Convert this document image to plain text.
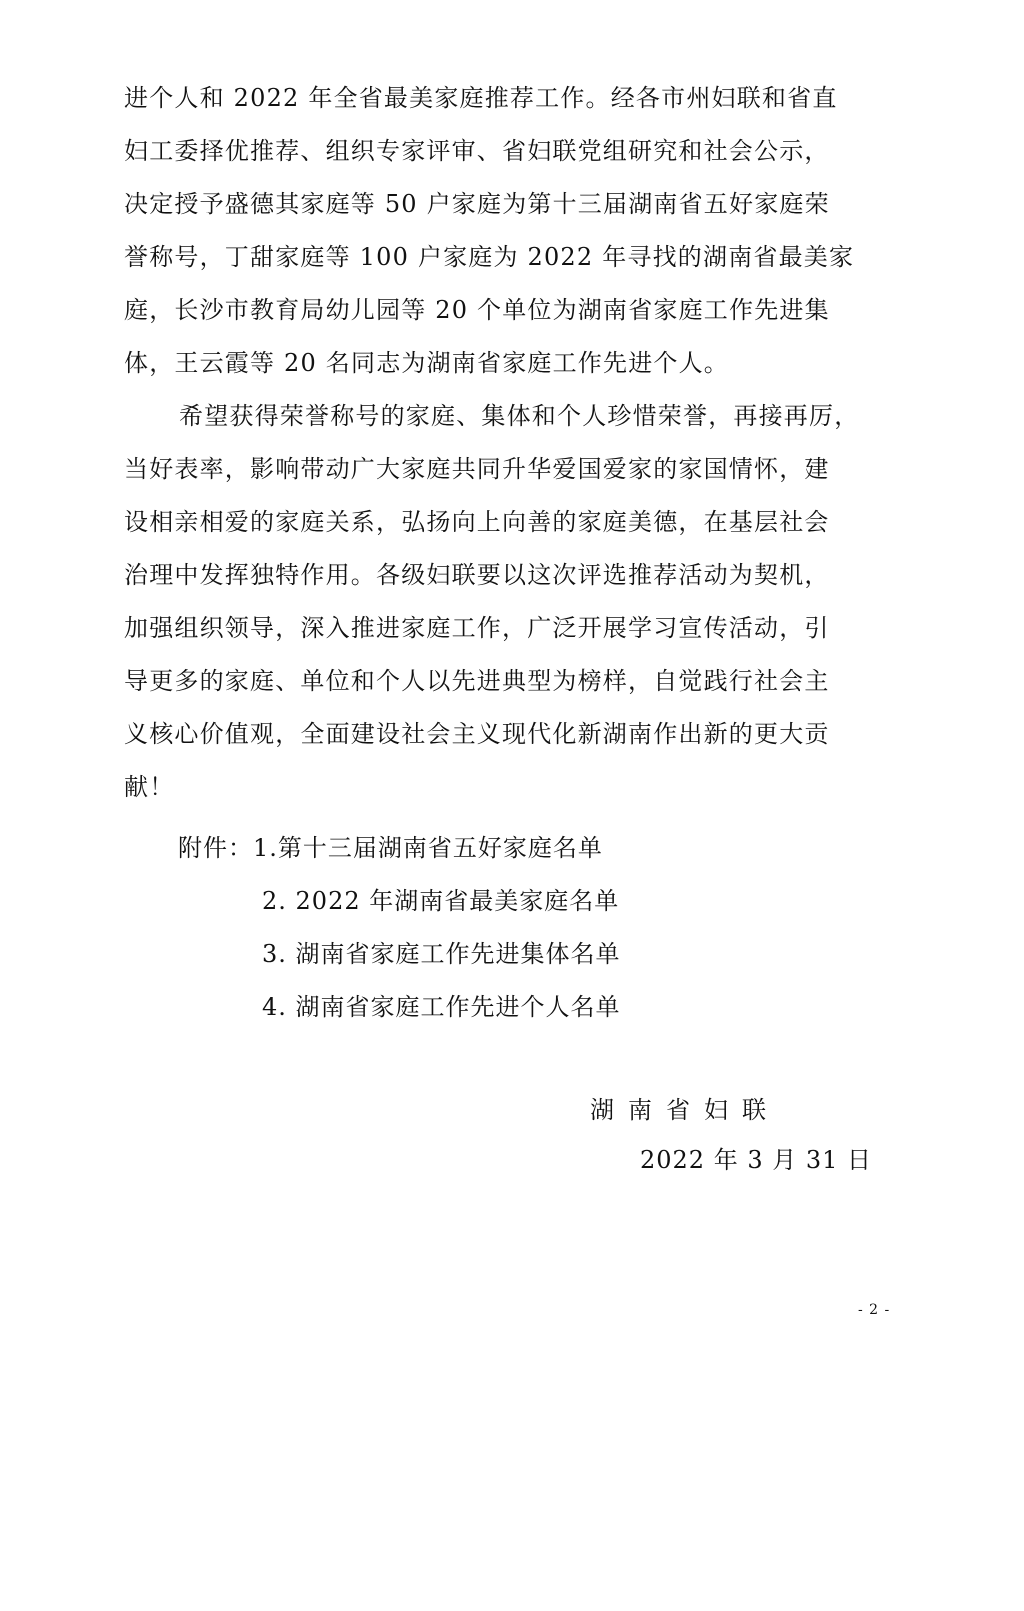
进个人和 2022 年全省最美家庭推荐工作。经各市州妇联和省直
妇工委择优推荐、组织专家评审、省妇联党组研究和社会公示，
决定授予盛德其家庭等 50 户家庭为第十三届湖南省五好家庭荣
誉称号，丁甜家庭等 100 户家庭为 2022 年寻找的湖南省最美家
庭，长沙市教育局幼儿园等 20 个单位为湖南省家庭工作先进集
体，王云霞等 20 名同志为湖南省家庭工作先进个人。
希望获得荣誉称号的家庭、集体和个人珍惜荣誉，再接再厉，
当好表率，影响带动广大家庭共同升华爱国爱家的家国情怀，建
设相亲相爱的家庭关系，弘扬向上向善的家庭美德，在基层社会
治理中发挥独特作用。各级妇联要以这次评选推荐活动为契机，
加强组织领导，深入推进家庭工作，广泛开展学习宣传活动，引
导更多的家庭、单位和个人以先进典型为榜样，自觉践行社会主
义核心价值观，全面建设社会主义现代化新湖南作出新的更大贡
献！
附件：1.第十三届湖南省五好家庭名单
2. 2022 年湖南省最美家庭名单
3. 湖南省家庭工作先进集体名单
4. 湖南省家庭工作先进个人名单
湖南省妇联
2022 年 3 月 31 日
- 2 -
